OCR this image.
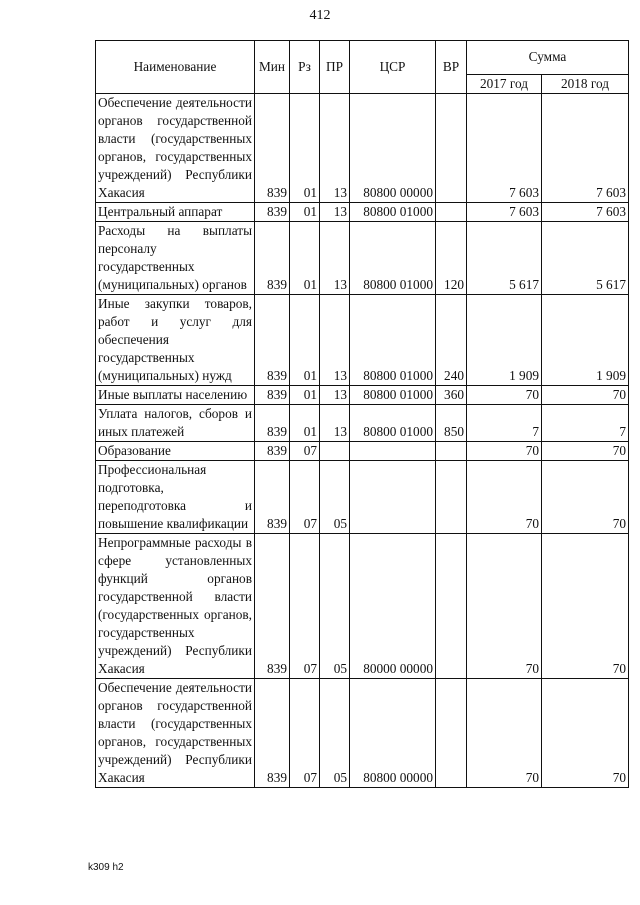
412
Наименование	Мин	Рз	ПР	ЦСР	ВР	Сумма	
						2017 год	2018 год
Обеспечение деятельности органов государственной власти (государственных органов, государственных учреждений) Республики Хакасия	839	01	13	80800 00000		7 603	7 603
Центральный аппарат	839	01	13	80800 01000		7 603	7 603
Расходы на выплаты персоналу государственных (муниципальных) органов	839	01	13	80800 01000	120	5 617	5 617
Иные закупки товаров, работ и услуг для обеспечения государственных (муниципальных) нужд	839	01	13	80800 01000	240	1 909	1 909
Иные выплаты населению	839	01	13	80800 01000	360	70	70
Уплата налогов, сборов и иных платежей	839	01	13	80800 01000	850	7	7
Образование	839	07				70	70
Профессиональная подготовка, переподготовка и повышение квалификации	839	07	05			70	70
Непрограммные расходы в сфере установленных функций органов государственной власти (государственных органов, государственных учреждений) Республики Хакасия	839	07	05	80000 00000		70	70
Обеспечение деятельности органов государственной власти (государственных органов, государственных учреждений) Республики Хакасия	839	07	05	80800 00000		70	70
k309 h2
